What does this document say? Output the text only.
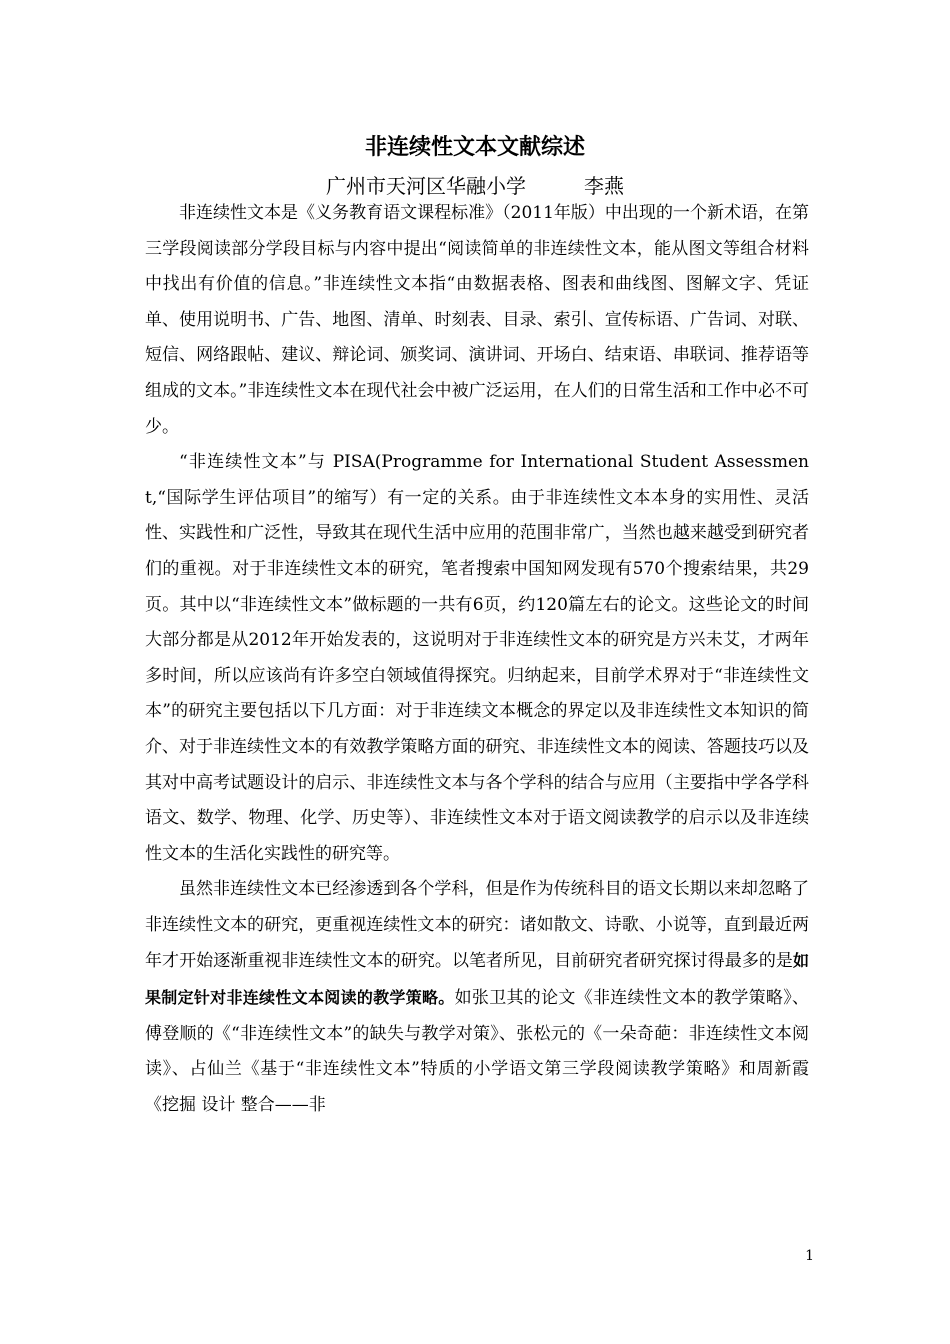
非连续性文本文献综述
广州市天河区华融小学	李燕

非连续性文本是《义务教育语文课程标准》（2011年版）中出现的一个新术语，在第三学段阅读部分学段目标与内容中提出“阅读简单的非连续性文本，能从图文等组合材料中找出有价值的信息。”非连续性文本指“由数据表格、图表和曲线图、图解文字、凭证单、使用说明书、广告、地图、清单、时刻表、目录、索引、宣传标语、广告词、对联、短信、网络跟帖、建议、辩论词、颁奖词、演讲词、开场白、结束语、串联词、推荐语等组成的文本。”非连续性文本在现代社会中被广泛运用，在人们的日常生活和工作中必不可少。

“非连续性文本”与 PISA(Programme for International Student Assessment,“国际学生评估项目”的缩写）有一定的关系。由于非连续性文本本身的实用性、灵活性、实践性和广泛性，导致其在现代生活中应用的范围非常广，当然也越来越受到研究者们的重视。对于非连续性文本的研究，笔者搜索中国知网发现有570个搜索结果，共29页。其中以“非连续性文本”做标题的一共有6页，约120篇左右的论文。这些论文的时间大部分都是从2012年开始发表的，这说明对于非连续性文本的研究是方兴未艾，才两年多时间，所以应该尚有许多空白领域值得探究。归纳起来，目前学术界对于“非连续性文本”的研究主要包括以下几方面：对于非连续文本概念的界定以及非连续性文本知识的简介、对于非连续性文本的有效教学策略方面的研究、非连续性文本的阅读、答题技巧以及其对中高考试题设计的启示、非连续性文本与各个学科的结合与应用（主要指中学各学科语文、数学、物理、化学、历史等）、非连续性文本对于语文阅读教学的启示以及非连续性文本的生活化实践性的研究等。

虽然非连续性文本已经渗透到各个学科，但是作为传统科目的语文长期以来却忽略了非连续性文本的研究，更重视连续性文本的研究：诸如散文、诗歌、小说等，直到最近两年才开始逐渐重视非连续性文本的研究。以笔者所见，目前研究者研究探讨得最多的是如果制定针对非连续性文本阅读的教学策略。如张卫其的论文《非连续性文本的教学策略》、傅登顺的《“非连续性文本”的缺失与教学对策》、张松元的《一朵奇葩：非连续性文本阅读》、占仙兰《基于“非连续性文本”特质的小学语文第三学段阅读教学策略》和周新霞《挖掘 设计 整合——非

1
